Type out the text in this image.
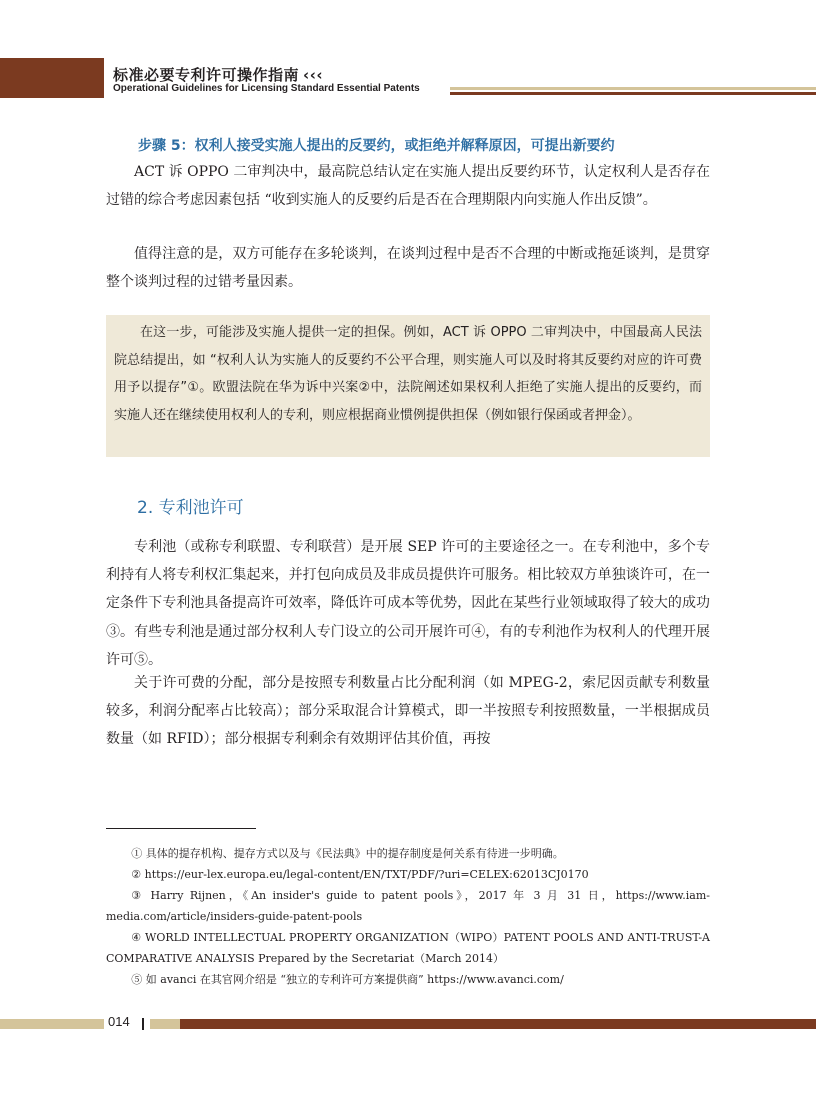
标准必要专利许可操作指南 ‹‹‹
Operational Guidelines for Licensing Standard Essential Patents
步骤 5：权利人接受实施人提出的反要约，或拒绝并解释原因，可提出新要约

ACT 诉 OPPO 二审判决中，最高院总结认定在实施人提出反要约环节，认定权利人是否存在过错的综合考虑因素包括 “收到实施人的反要约后是否在合理期限内向实施人作出反馈”。

值得注意的是，双方可能存在多轮谈判，在谈判过程中是否不合理的中断或拖延谈判，是贯穿整个谈判过程的过错考量因素。

在这一步，可能涉及实施人提供一定的担保。例如，ACT 诉 OPPO 二审判决中，中国最高人民法院总结提出，如 “权利人认为实施人的反要约不公平合理，则实施人可以及时将其反要约对应的许可费用予以提存”①。欧盟法院在华为诉中兴案②中，法院阐述如果权利人拒绝了实施人提出的反要约，而实施人还在继续使用权利人的专利，则应根据商业惯例提供担保（例如银行保函或者押金）。

2. 专利池许可

专利池（或称专利联盟、专利联营）是开展 SEP 许可的主要途径之一。在专利池中，多个专利持有人将专利权汇集起来，并打包向成员及非成员提供许可服务。相比较双方单独谈许可，在一定条件下专利池具备提高许可效率，降低许可成本等优势，因此在某些行业领域取得了较大的成功③。有些专利池是通过部分权利人专门设立的公司开展许可④，有的专利池作为权利人的代理开展许可⑤。

关于许可费的分配，部分是按照专利数量占比分配利润（如 MPEG-2，索尼因贡献专利数量较多，利润分配率占比较高）；部分采取混合计算模式，即一半按照专利按照数量，一半根据成员数量（如 RFID）；部分根据专利剩余有效期评估其价值，再按

① 具体的提存机构、提存方式以及与《民法典》中的提存制度是何关系有待进一步明确。

② https://eur-lex.europa.eu/legal-content/EN/TXT/PDF/?uri=CELEX:62013CJ0170

③ Harry Rijnen，《An insider's guide to patent pools》，2017 年 3 月 31 日，https://www.iam-media.com/article/insiders-guide-patent-pools

④ WORLD INTELLECTUAL PROPERTY ORGANIZATION（WIPO）PATENT POOLS AND ANTI-TRUST-A COMPARATIVE ANALYSIS Prepared by the Secretariat（March 2014）

⑤ 如 avanci 在其官网介绍是 “独立的专利许可方案提供商” https://www.avanci.com/

014
